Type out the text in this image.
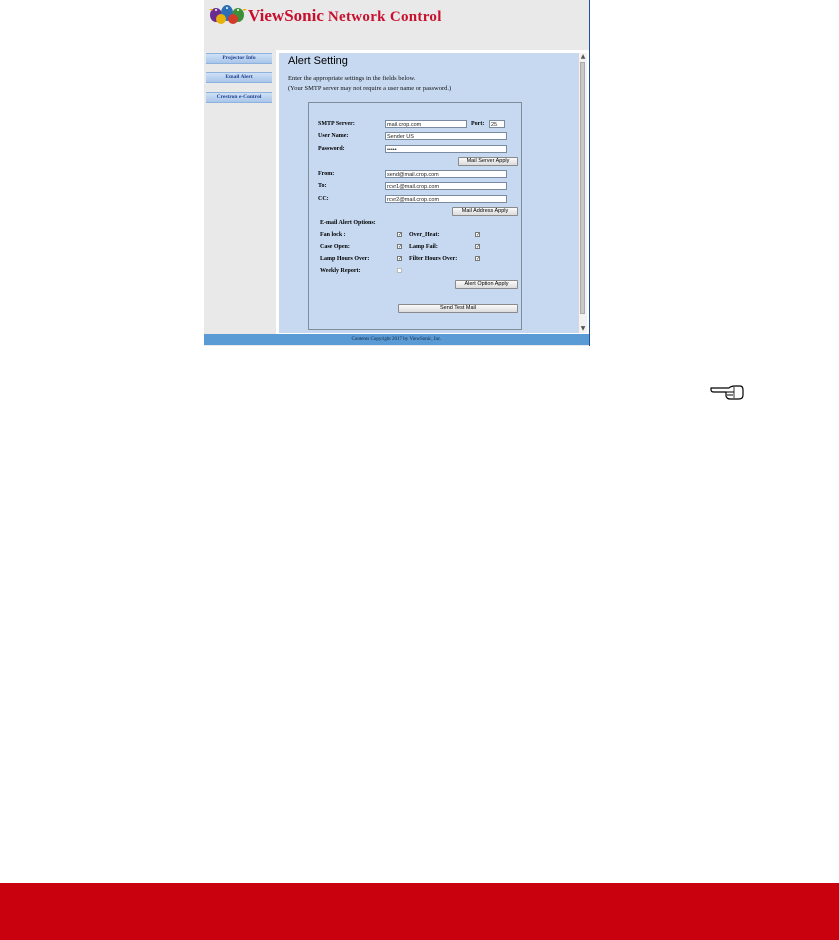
ViewSonic Network Control
Projector Info
Email Alert
Crestron e-Control
Alert Setting
Enter the appropriate settings in the fields below.
(Your SMTP server may not require a user name or password.)
SMTP Server:	mail.crop.com	Port:	25
User Name:	Sender US
Password:	•••••
Mail Server Apply
From:	send@mail.crop.com
To:	rcvr1@mail.crop.com
CC:	rcvr2@mail.crop.com
Mail Address Apply
E-mail Alert Options:
Fan lock :	✓ Over_Heat:	✓
Case Open:	✓ Lamp Fail:	✓
Lamp Hours Over:	✓ Filter Hours Over:	✓
Weekly Report:
Alert Option Apply
Send Test Mail
▲
▼
Contents Copyright 2017 by ViewSonic, Inc.
